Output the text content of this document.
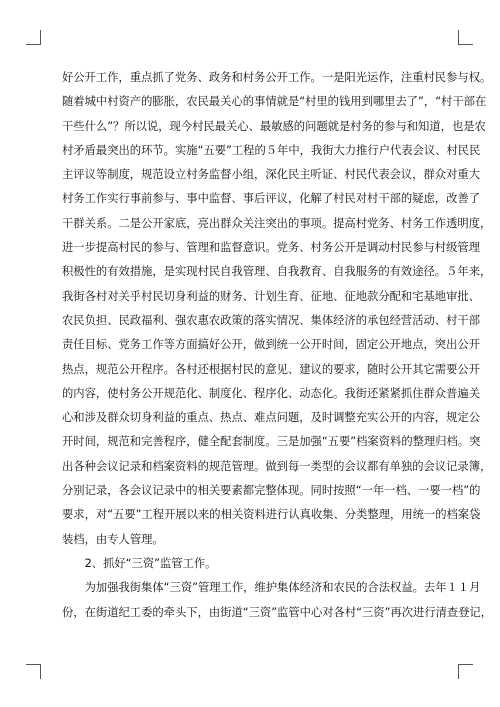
好公开工作，重点抓了党务、政务和村务公开工作。一是阳光运作，注重村民参与权。
随着城中村资产的膨胀，农民最关心的事情就是“村里的钱用到哪里去了”，“村干部在
干些什么”？所以说，现今村民最关心、最敏感的问题就是村务的参与和知道，也是农
村矛盾最突出的环节。实施“五要”工程的５年中，我街大力推行户代表会议、村民民
主评议等制度，规范设立村务监督小组，深化民主听证、村民代表会议，群众对重大
村务工作实行事前参与、事中监督、事后评议，化解了村民对村干部的疑虑，改善了
干群关系。二是公开家底，亮出群众关注突出的事项。提高村党务、村务工作透明度，
进一步提高村民的参与、管理和监督意识。党务、村务公开是调动村民参与村级管理
积极性的有效措施，是实现村民自我管理、自我教育、自我服务的有效途径。５年来，
我街各村对关乎村民切身利益的财务、计划生育、征地、征地款分配和宅基地审批、
农民负担、民政福利、强农惠农政策的落实情况、集体经济的承包经营活动、村干部
责任目标、党务工作等方面搞好公开，做到统一公开时间，固定公开地点，突出公开
热点，规范公开程序。各村还根据村民的意见、建议的要求，随时公开其它需要公开
的内容，使村务公开规范化、制度化、程序化、动态化。我街还紧紧抓住群众普遍关
心和涉及群众切身利益的重点、热点、难点问题，及时调整充实公开的内容，规定公
开时间，规范和完善程序，健全配套制度。三是加强“五要”档案资料的整理归档。突
出各种会议记录和档案资料的规范管理。做到每一类型的会议都有单独的会议记录簿，
分别记录，各会议记录中的相关要素都完整体现。同时按照“一年一档、一要一档”的
要求，对“五要”工程开展以来的相关资料进行认真收集、分类整理，用统一的档案袋
装档，由专人管理。
　　2、抓好“三资”监管工作。
　　为加强我街集体“三资”管理工作，维护集体经济和农民的合法权益。去年１１月
份，在街道纪工委的牵头下，由街道“三资”监管中心对各村“三资”再次进行清查登记，
